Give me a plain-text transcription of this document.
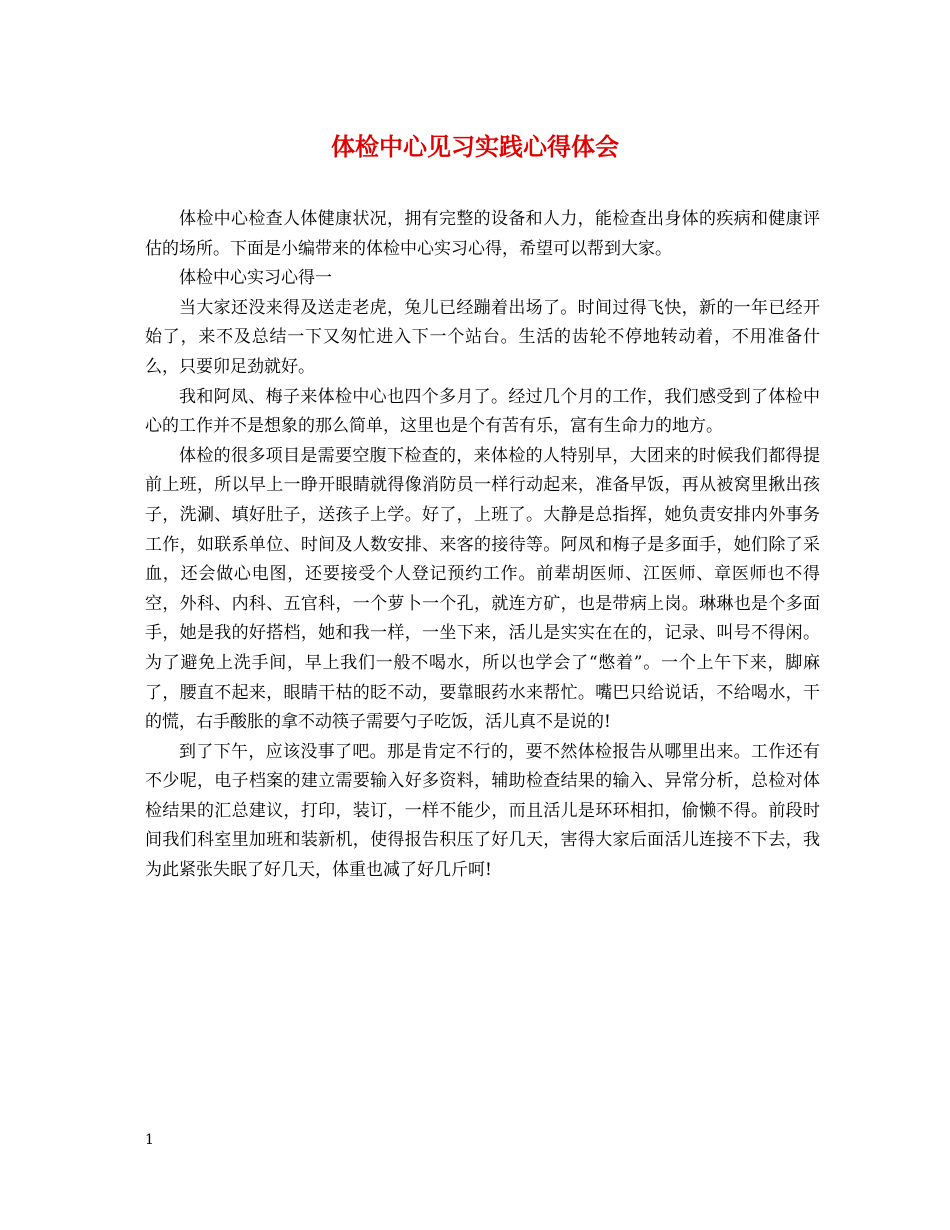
体检中心见习实践心得体会

体检中心检查人体健康状况，拥有完整的设备和人力，能检查出身体的疾病和健康评估的场所。下面是小编带来的体检中心实习心得，希望可以帮到大家。

体检中心实习心得一

当大家还没来得及送走老虎，兔儿已经蹦着出场了。时间过得飞快，新的一年已经开始了，来不及总结一下又匆忙进入下一个站台。生活的齿轮不停地转动着，不用准备什么，只要卯足劲就好。

我和阿凤、梅子来体检中心也四个多月了。经过几个月的工作，我们感受到了体检中心的工作并不是想象的那么简单，这里也是个有苦有乐，富有生命力的地方。

体检的很多项目是需要空腹下检查的，来体检的人特别早，大团来的时候我们都得提前上班，所以早上一睁开眼睛就得像消防员一样行动起来，准备早饭，再从被窝里揪出孩子，洗涮、填好肚子，送孩子上学。好了，上班了。大静是总指挥，她负责安排内外事务工作，如联系单位、时间及人数安排、来客的接待等。阿凤和梅子是多面手，她们除了采血，还会做心电图，还要接受个人登记预约工作。前辈胡医师、江医师、章医师也不得空，外科、内科、五官科，一个萝卜一个孔，就连方矿，也是带病上岗。琳琳也是个多面手，她是我的好搭档，她和我一样，一坐下来，活儿是实实在在的，记录、叫号不得闲。为了避免上洗手间，早上我们一般不喝水，所以也学会了“憋着”。一个上午下来，脚麻了，腰直不起来，眼睛干枯的眨不动，要靠眼药水来帮忙。嘴巴只给说话，不给喝水，干的慌，右手酸胀的拿不动筷子需要勺子吃饭，活儿真不是说的!

到了下午，应该没事了吧。那是肯定不行的，要不然体检报告从哪里出来。工作还有不少呢，电子档案的建立需要输入好多资料，辅助检查结果的输入、异常分析，总检对体检结果的汇总建议，打印，装订，一样不能少，而且活儿是环环相扣，偷懒不得。前段时间我们科室里加班和装新机，使得报告积压了好几天，害得大家后面活儿连接不下去，我为此紧张失眠了好几天，体重也减了好几斤呵!

1
